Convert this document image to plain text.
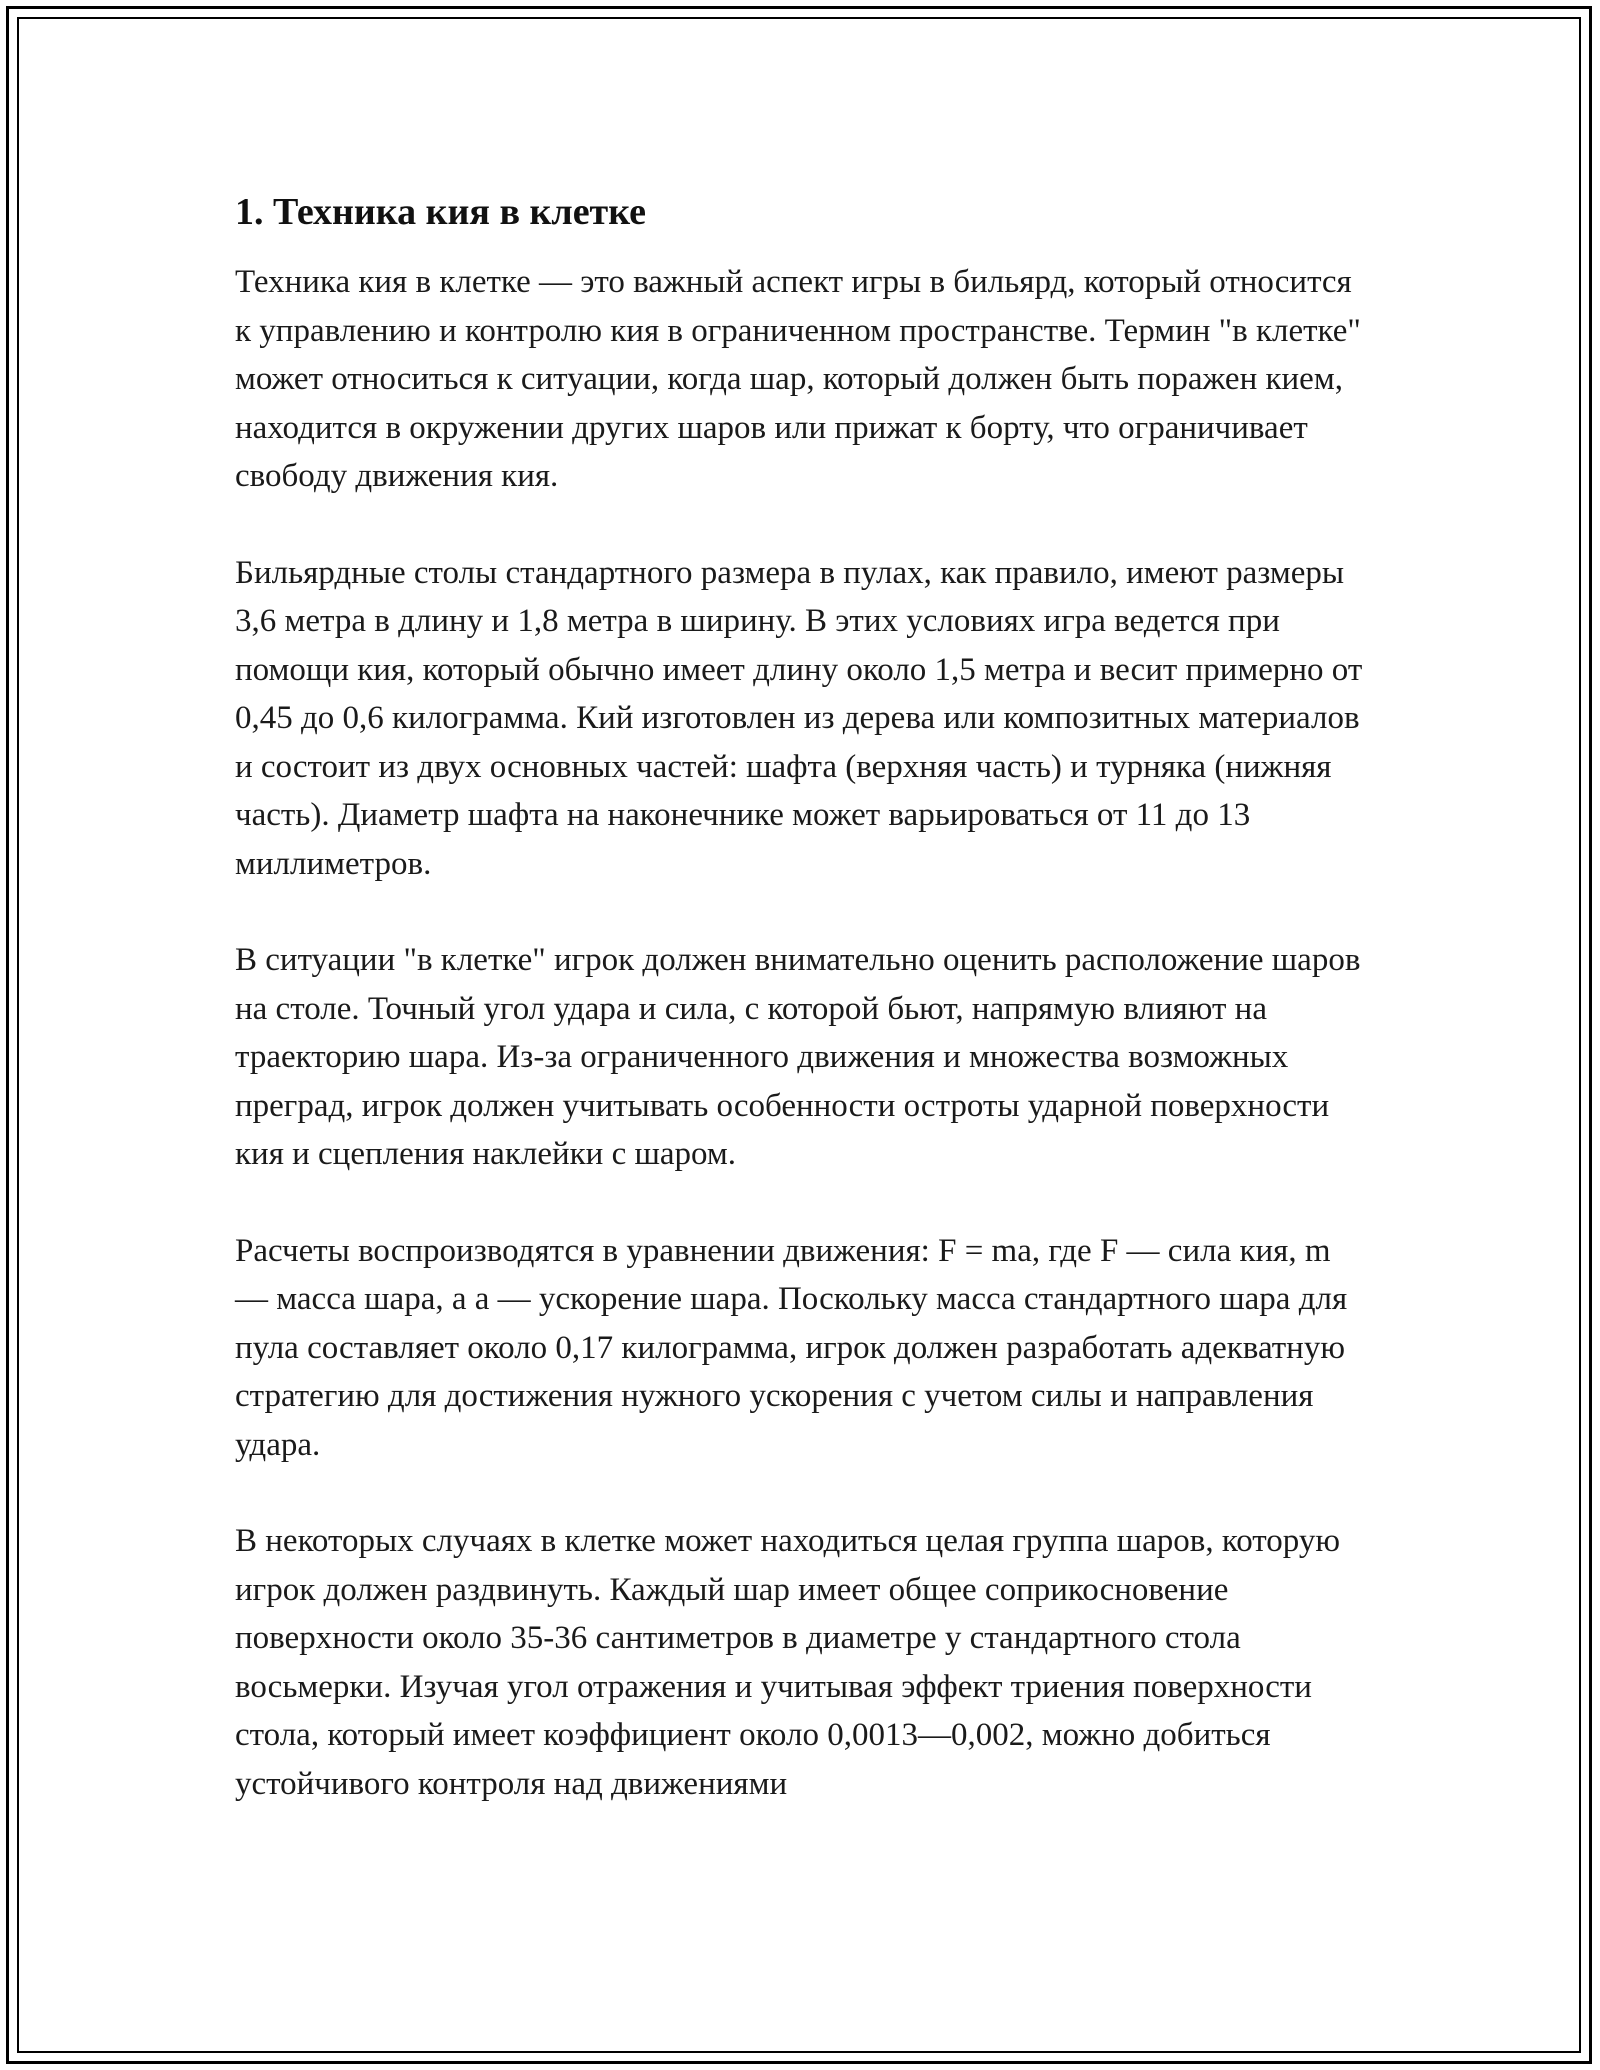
1. Техника кия в клетке

Техника кия в клетке — это важный аспект игры в бильярд, который относится к управлению и контролю кия в ограниченном пространстве. Термин "в клетке" может относиться к ситуации, когда шар, который должен быть поражен кием, находится в окружении других шаров или прижат к борту, что ограничивает свободу движения кия.

Бильярдные столы стандартного размера в пулах, как правило, имеют размеры 3,6 метра в длину и 1,8 метра в ширину. В этих условиях игра ведется при помощи кия, который обычно имеет длину около 1,5 метра и весит примерно от 0,45 до 0,6 килограмма. Кий изготовлен из дерева или композитных материалов и состоит из двух основных частей: шафта (верхняя часть) и турняка (нижняя часть). Диаметр шафта на наконечнике может варьироваться от 11 до 13 миллиметров.

В ситуации "в клетке" игрок должен внимательно оценить расположение шаров на столе. Точный угол удара и сила, с которой бьют, напрямую влияют на траекторию шара. Из-за ограниченного движения и множества возможных преград, игрок должен учитывать особенности остроты ударной поверхности кия и сцепления наклейки с шаром.

Расчеты воспроизводятся в уравнении движения: F = ma, где F — сила кия, m — масса шара, a a — ускорение шара. Поскольку масса стандартного шара для пула составляет около 0,17 килограмма, игрок должен разработать адекватную стратегию для достижения нужного ускорения с учетом силы и направления удара.

В некоторых случаях в клетке может находиться целая группа шаров, которую игрок должен раздвинуть. Каждый шар имеет общее соприкосновение поверхности около 35-36 сантиметров в диаметре у стандартного стола восьмерки. Изучая угол отражения и учитывая эффект триения поверхности стола, который имеет коэффициент около 0,0013—0,002, можно добиться устойчивого контроля над движениями
